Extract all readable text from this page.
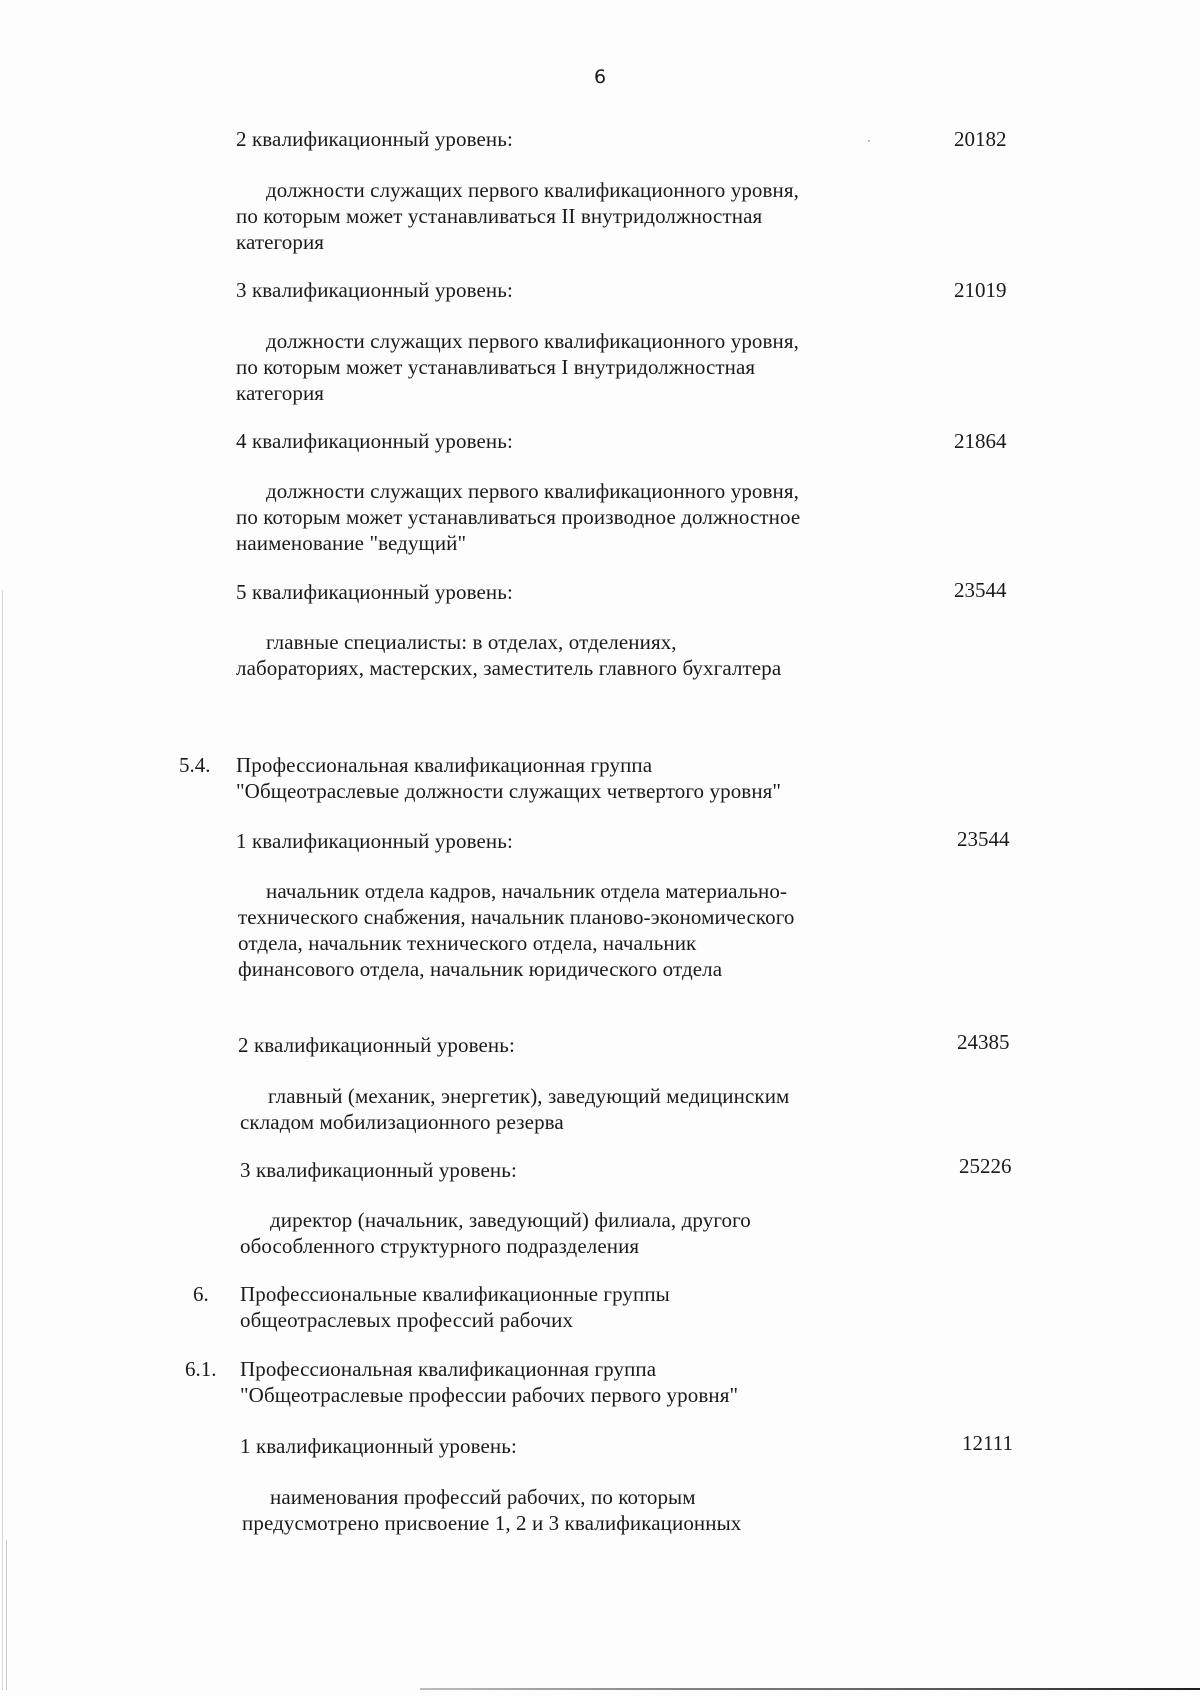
6
2 квалификационный уровень:	20182
должности служащих первого квалификационного уровня,
по которым может устанавливаться II внутридолжностная
категория
3 квалификационный уровень:	21019
должности служащих первого квалификационного уровня,
по которым может устанавливаться I внутридолжностная
категория
4 квалификационный уровень:	21864
должности служащих первого квалификационного уровня,
по которым может устанавливаться производное должностное
наименование "ведущий"
5 квалификационный уровень:	23544
главные специалисты: в отделах, отделениях,
лабораториях, мастерских, заместитель главного бухгалтера
5.4. Профессиональная квалификационная группа
"Общеотраслевые должности служащих четвертого уровня"
1 квалификационный уровень:	23544
начальник отдела кадров, начальник отдела материально-
технического снабжения, начальник планово-экономического
отдела, начальник технического отдела, начальник
финансового отдела, начальник юридического отдела
2 квалификационный уровень:	24385
главный (механик, энергетик), заведующий медицинским
складом мобилизационного резерва
3 квалификационный уровень:	25226
директор (начальник, заведующий) филиала, другого
обособленного структурного подразделения
6. Профессиональные квалификационные группы
общеотраслевых профессий рабочих
6.1. Профессиональная квалификационная группа
"Общеотраслевые профессии рабочих первого уровня"
1 квалификационный уровень:	12111
наименования профессий рабочих, по которым
предусмотрено присвоение 1, 2 и 3 квалификационных
